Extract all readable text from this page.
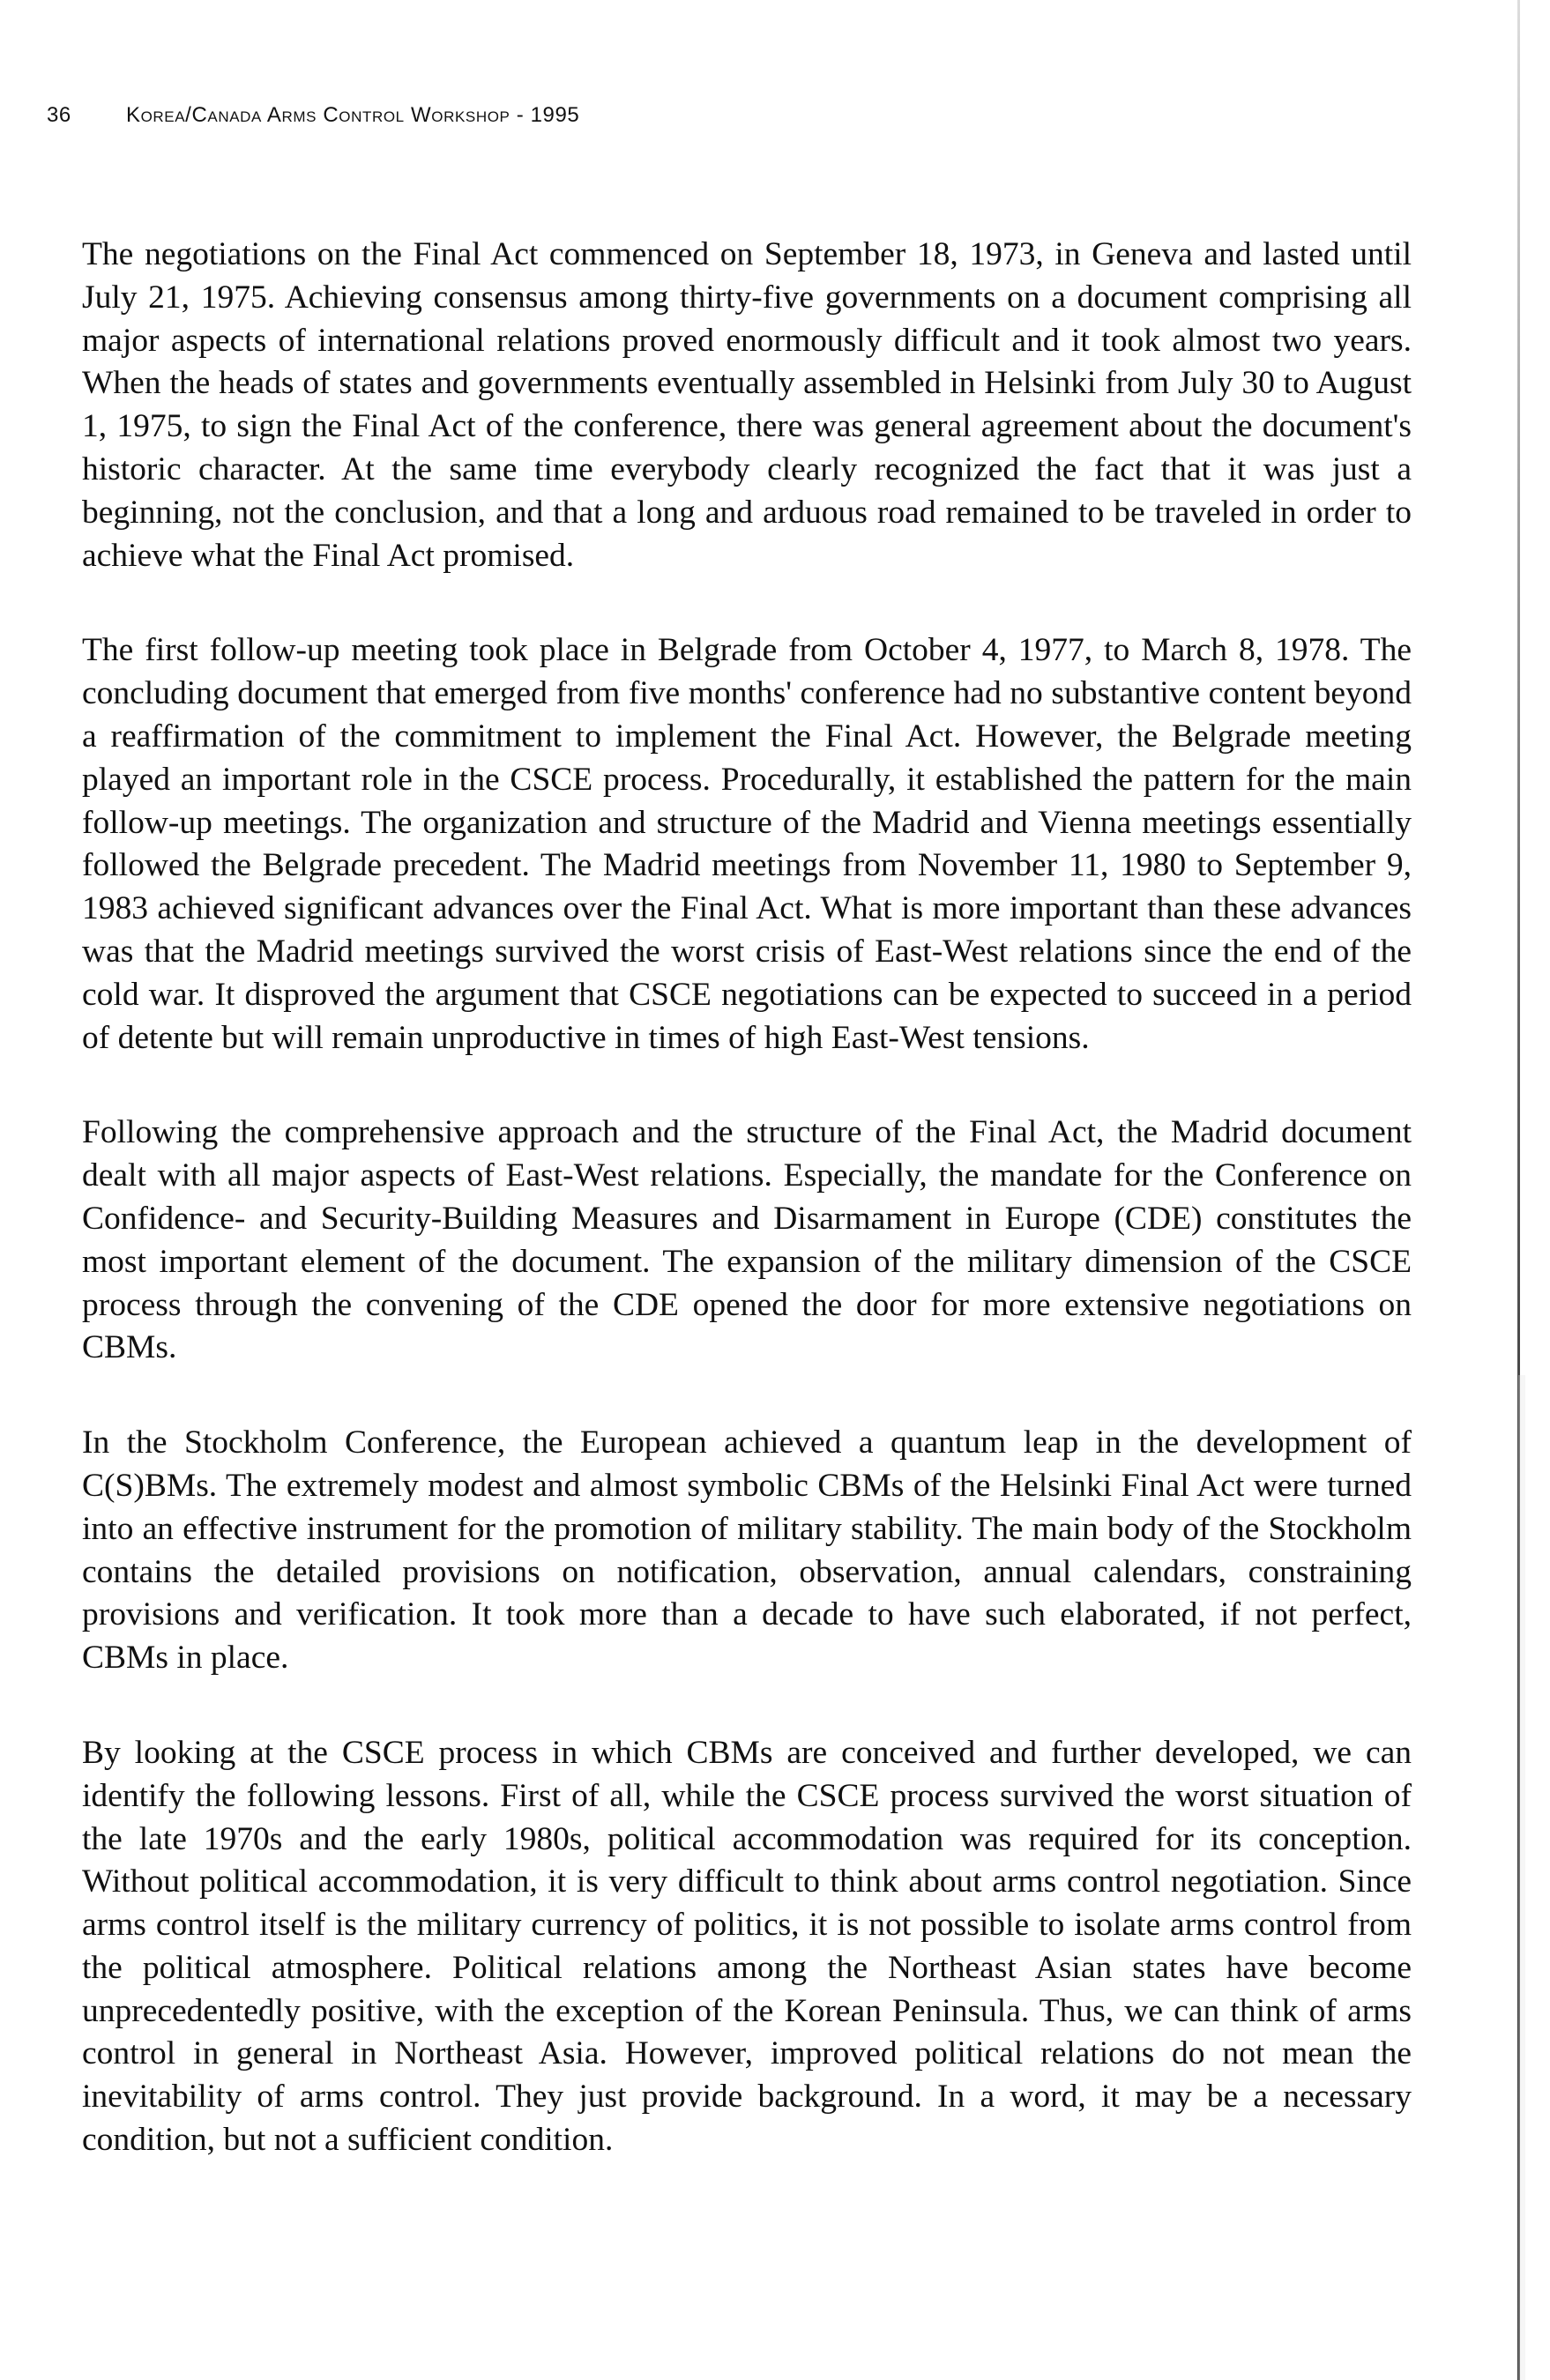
36	Korea/Canada Arms Control Workshop - 1995

The negotiations on the Final Act commenced on September 18, 1973, in Geneva and lasted until July 21, 1975. Achieving consensus among thirty-five governments on a document comprising all major aspects of international relations proved enormously difficult and it took almost two years. When the heads of states and governments eventually assembled in Helsinki from July 30 to August 1, 1975, to sign the Final Act of the conference, there was general agreement about the document's historic character. At the same time everybody clearly recognized the fact that it was just a beginning, not the conclusion, and that a long and arduous road remained to be traveled in order to achieve what the Final Act promised.

The first follow-up meeting took place in Belgrade from October 4, 1977, to March 8, 1978. The concluding document that emerged from five months' conference had no substantive content beyond a reaffirmation of the commitment to implement the Final Act. However, the Belgrade meeting played an important role in the CSCE process. Procedurally, it established the pattern for the main follow-up meetings. The organization and structure of the Madrid and Vienna meetings essentially followed the Belgrade precedent. The Madrid meetings from November 11, 1980 to September 9, 1983 achieved significant advances over the Final Act. What is more important than these advances was that the Madrid meetings survived the worst crisis of East-West relations since the end of the cold war. It disproved the argument that CSCE negotiations can be expected to succeed in a period of detente but will remain unproductive in times of high East-West tensions.

Following the comprehensive approach and the structure of the Final Act, the Madrid document dealt with all major aspects of East-West relations. Especially, the mandate for the Conference on Confidence- and Security-Building Measures and Disarmament in Europe (CDE) constitutes the most important element of the document. The expansion of the military dimension of the CSCE process through the convening of the CDE opened the door for more extensive negotiations on CBMs.

In the Stockholm Conference, the European achieved a quantum leap in the development of C(S)BMs. The extremely modest and almost symbolic CBMs of the Helsinki Final Act were turned into an effective instrument for the promotion of military stability. The main body of the Stockholm contains the detailed provisions on notification, observation, annual calendars, constraining provisions and verification. It took more than a decade to have such elaborated, if not perfect, CBMs in place.

By looking at the CSCE process in which CBMs are conceived and further developed, we can identify the following lessons. First of all, while the CSCE process survived the worst situation of the late 1970s and the early 1980s, political accommodation was required for its conception. Without political accommodation, it is very difficult to think about arms control negotiation. Since arms control itself is the military currency of politics, it is not possible to isolate arms control from the political atmosphere. Political relations among the Northeast Asian states have become unprecedentedly positive, with the exception of the Korean Peninsula. Thus, we can think of arms control in general in Northeast Asia. However, improved political relations do not mean the inevitability of arms control. They just provide background. In a word, it may be a necessary condition, but not a sufficient condition.
